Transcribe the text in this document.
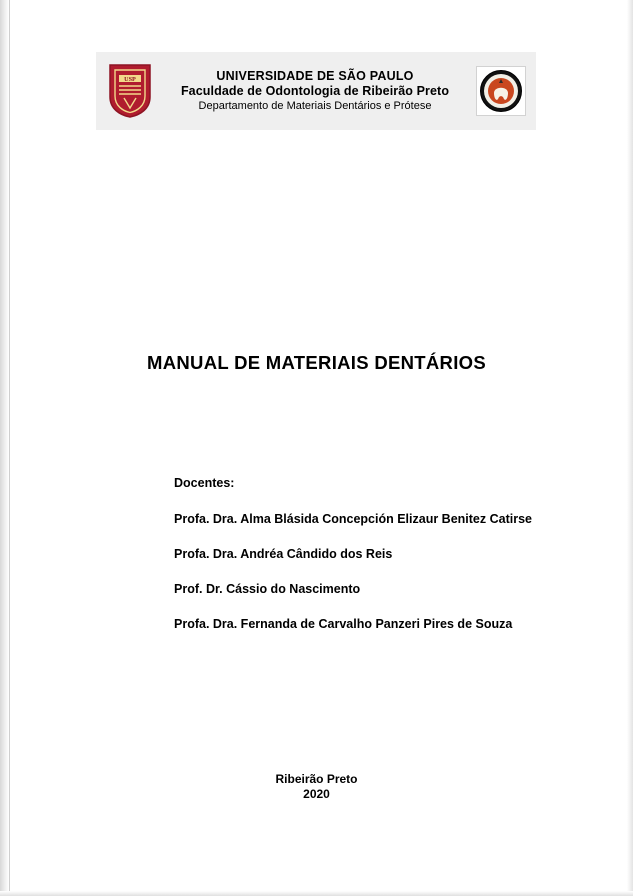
USP	UNIVERSIDADE DE SÃO PAULO
Faculdade de Odontologia de Ribeirão Preto
Departamento de Materiais Dentários e Prótese
MANUAL DE MATERIAIS DENTÁRIOS
Docentes:
Profa. Dra. Alma Blásida Concepción Elizaur Benitez Catirse
Profa. Dra. Andréa Cândido dos Reis
Prof. Dr. Cássio do Nascimento
Profa. Dra. Fernanda de Carvalho Panzeri Pires de Souza
Ribeirão Preto
2020
